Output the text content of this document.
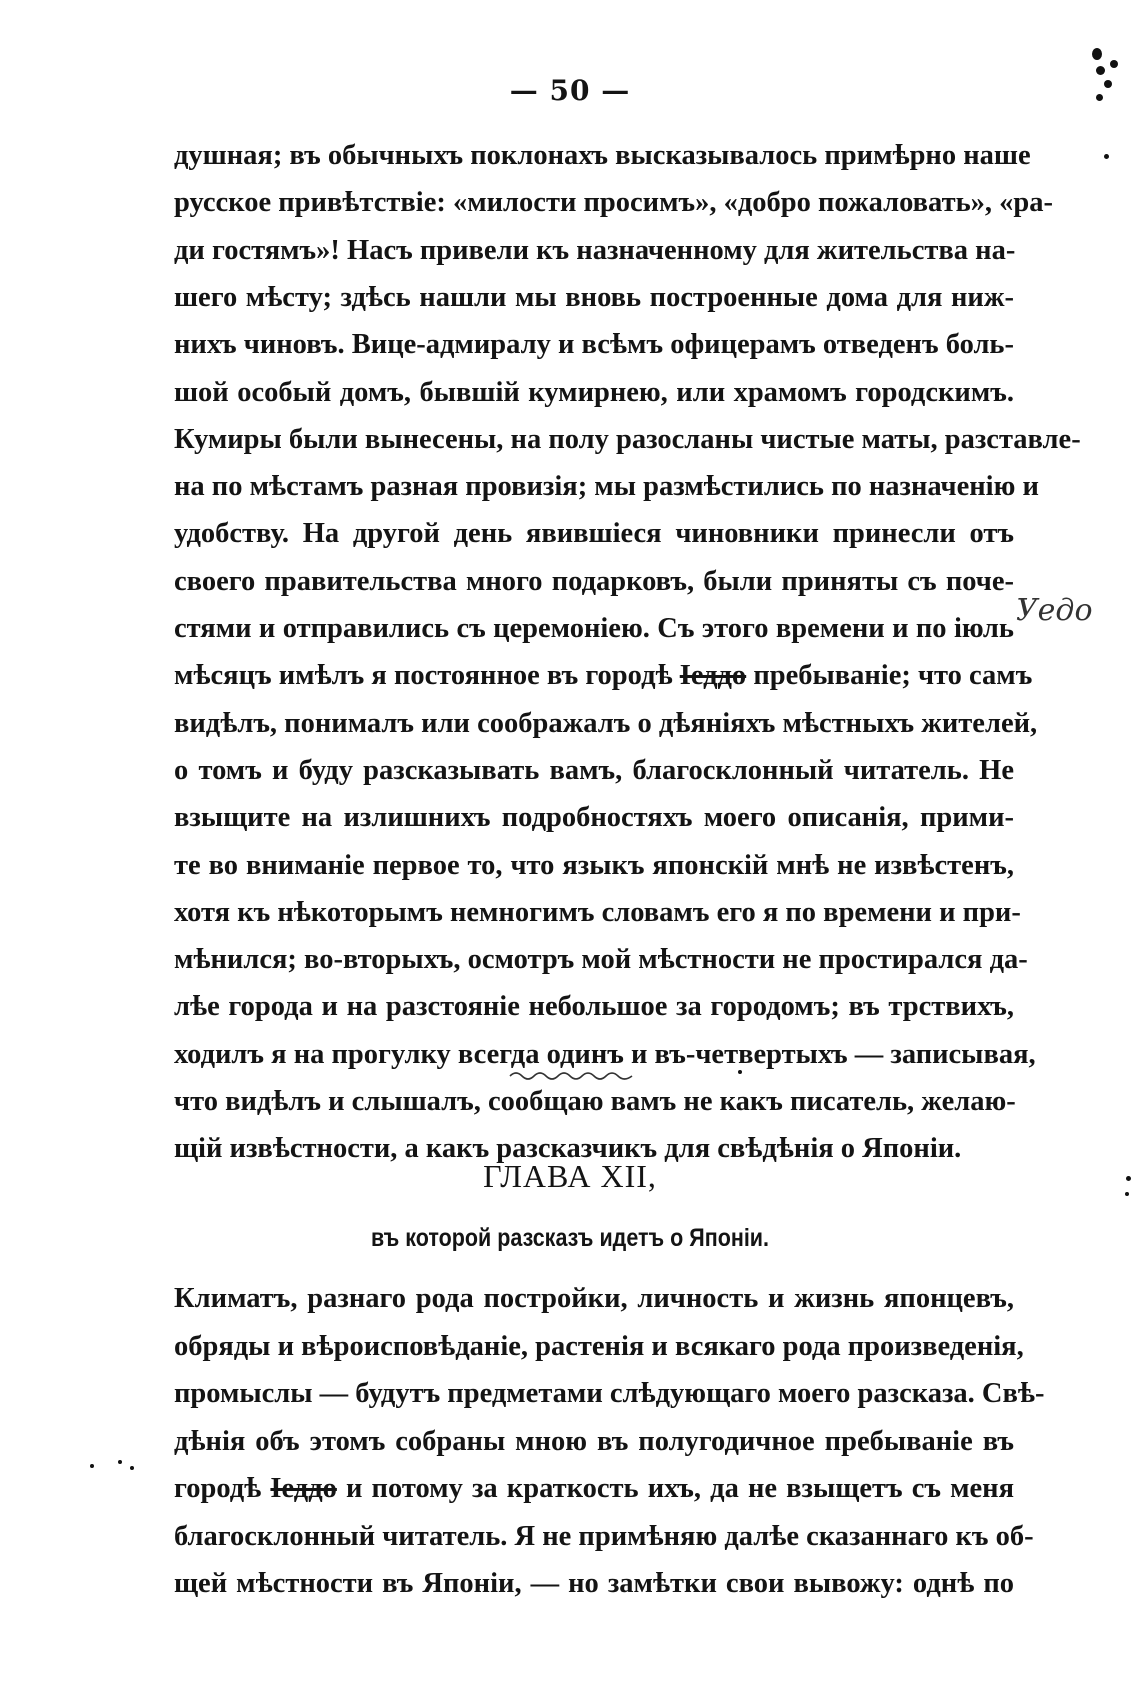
— 50 —
душная; въ обычныхъ поклонахъ высказывалось примѣрно наше
русское привѣтствіе: «милости просимъ», «добро пожаловать», «ра-
ди гостямъ»! Насъ привели къ назначенному для жительства на-
шего мѣсту; здѣсь нашли мы вновь построенные дома для ниж-
нихъ чиновъ. Вице-адмиралу и всѣмъ офицерамъ отведенъ боль-
шой особый домъ, бывшій кумирнею, или храмомъ городскимъ.
Кумиры были вынесены, на полу разосланы чистые маты, разставле-
на по мѣстамъ разная провизія; мы размѣстились по назначенію и
удобству. На другой день явившіеся чиновники принесли отъ
своего правительства много подарковъ, были приняты съ поче-
стями и отправились съ церемоніею. Съ этого времени и по іюль
мѣсяцъ имѣлъ я постоянное въ городѣ Іеддо пребываніе; что самъ
видѣлъ, понималъ или соображалъ о дѣяніяхъ мѣстныхъ жителей,
о томъ и буду разсказывать вамъ, благосклонный читатель. Не
взыщите на излишнихъ подробностяхъ моего описанія, прими-
те во вниманіе первое то, что языкъ японскій мнѣ не извѣстенъ,
хотя къ нѣкоторымъ немногимъ словамъ его я по времени и при-
мѣнился; во-вторыхъ, осмотръ мой мѣстности не простирался да-
лѣе города и на разстояніе небольшое за городомъ; въ трствихъ,
ходилъ я на прогулку всегда одинъ и въ-четвертыхъ — записывая,
что видѣлъ и слышалъ, сообщаю вамъ не какъ писатель, желаю-
щій извѣстности, а какъ разсказчикъ для свѣдѣнія о Японіи.
ГЛАВА XII,
въ которой разсказъ идетъ о Японіи.
Климатъ, разнаго рода постройки, личность и жизнь японцевъ,
обряды и вѣроисповѣданіе, растенія и всякаго рода произведенія,
промыслы — будутъ предметами слѣдующаго моего разсказа. Свѣ-
дѣнія объ этомъ собраны мною въ полугодичное пребываніе въ
городѣ Іеддо и потому за краткость ихъ, да не взыщетъ съ меня
благосклонный читатель. Я не примѣняю далѣе сказаннаго къ об-
щей мѣстности въ Японіи, — но замѣтки свои вывожу: однѣ по
Уедо
